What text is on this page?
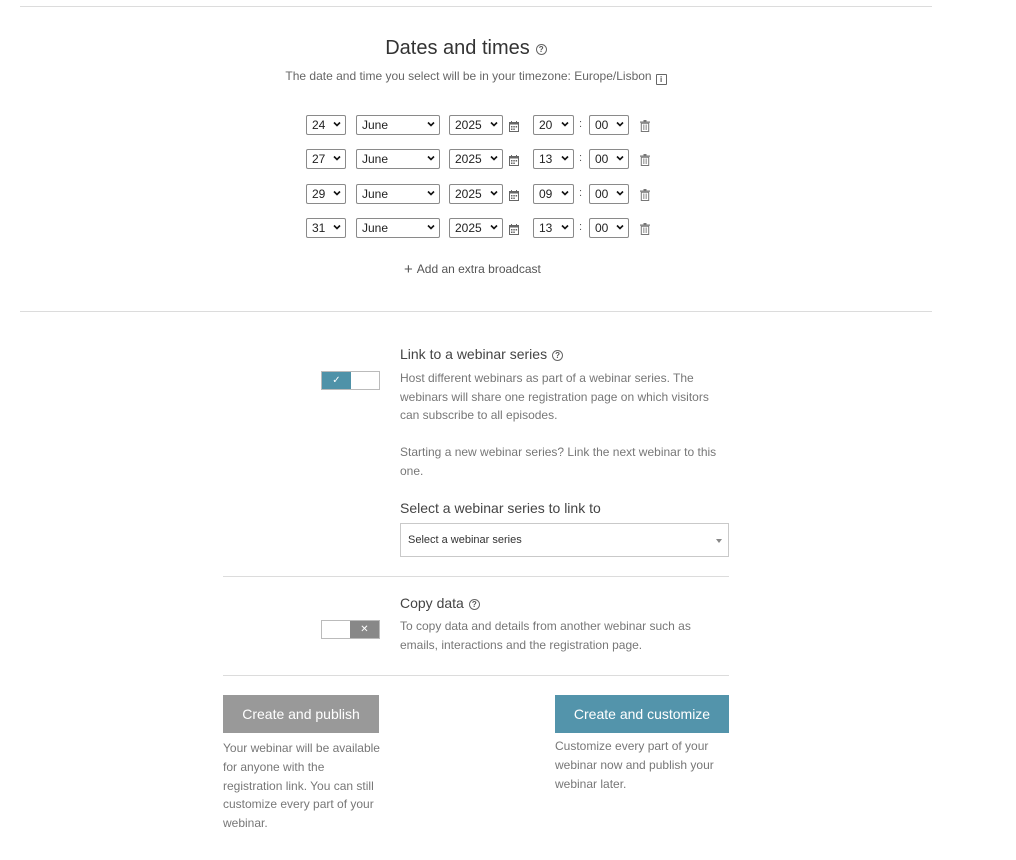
Dates and times ?
The date and time you select will be in your timezone: Europe/Lisbon i
24	June	2025	20	00
:
27	June	2025	13	00
:
29	June	2025	09	00
:
31	June	2025	13	00
:
+ Add an extra broadcast
✓
Link to a webinar series ?
Host different webinars as part of a webinar series. The webinars will share one registration page on which visitors can subscribe to all episodes.
Starting a new webinar series? Link the next webinar to this one.
Select a webinar series to link to
Select a webinar series
✕
Copy data ?
To copy data and details from another webinar such as emails, interactions and the registration page.
Create and publish
Your webinar will be available for anyone with the registration link. You can still customize every part of your webinar.
Create and customize
Customize every part of your webinar now and publish your webinar later.
